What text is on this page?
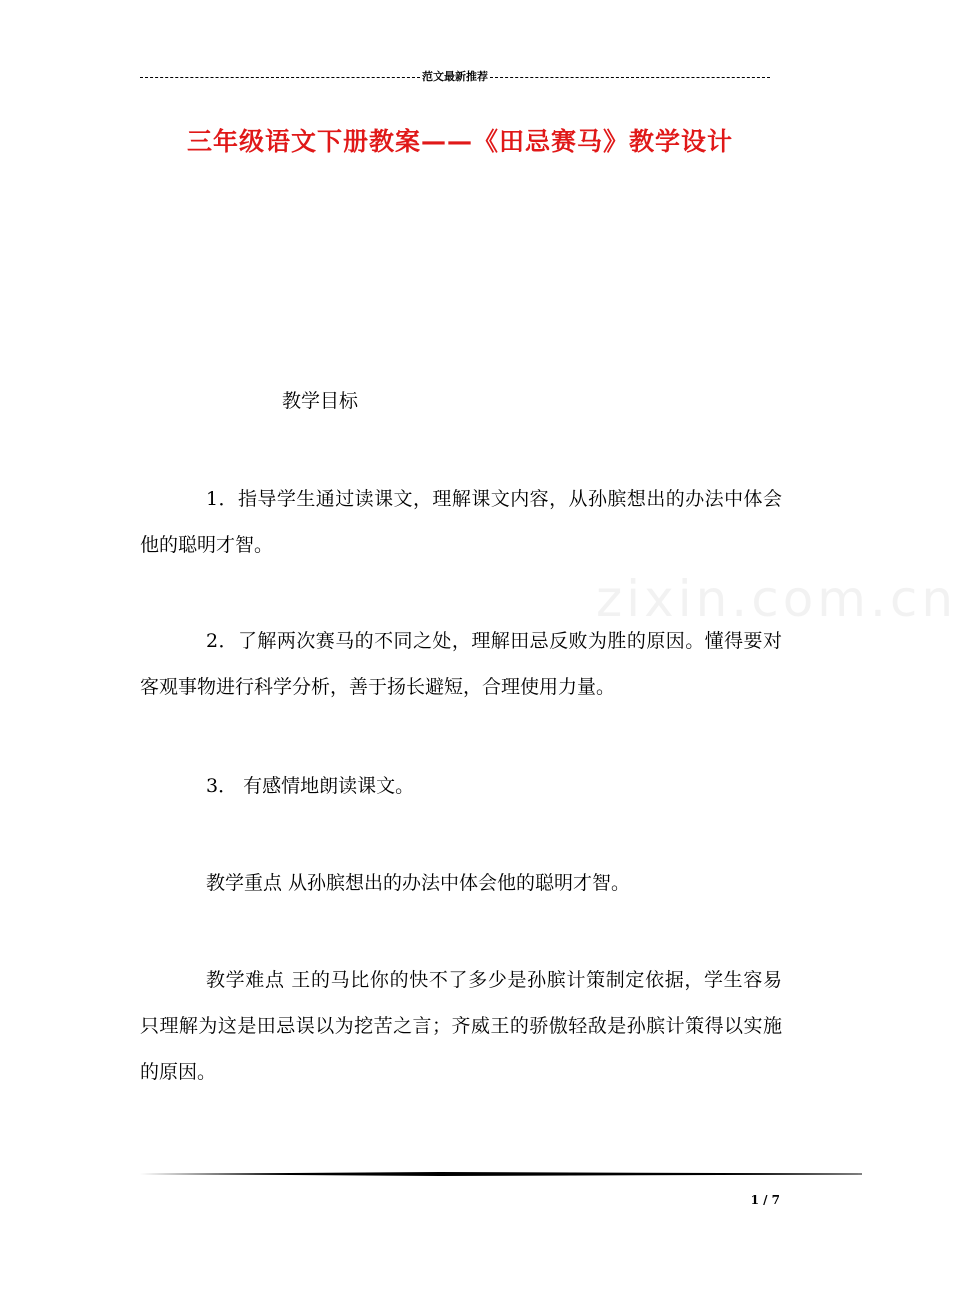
范文最新推荐
三年级语文下册教案——《田忌赛马》教学设计
教学目标
1．指导学生通过读课文，理解课文内容，从孙膑想出的办法中体会他的聪明才智。
2．了解两次赛马的不同之处，理解田忌反败为胜的原因。懂得要对客观事物进行科学分析，善于扬长避短，合理使用力量。
3． 有感情地朗读课文。
教学重点 从孙膑想出的办法中体会他的聪明才智。
教学难点 王的马比你的快不了多少是孙膑计策制定依据，学生容易只理解为这是田忌误以为挖苦之言；齐威王的骄傲轻敌是孙膑计策得以实施的原因。
zixin.com.cn
1 / 7
